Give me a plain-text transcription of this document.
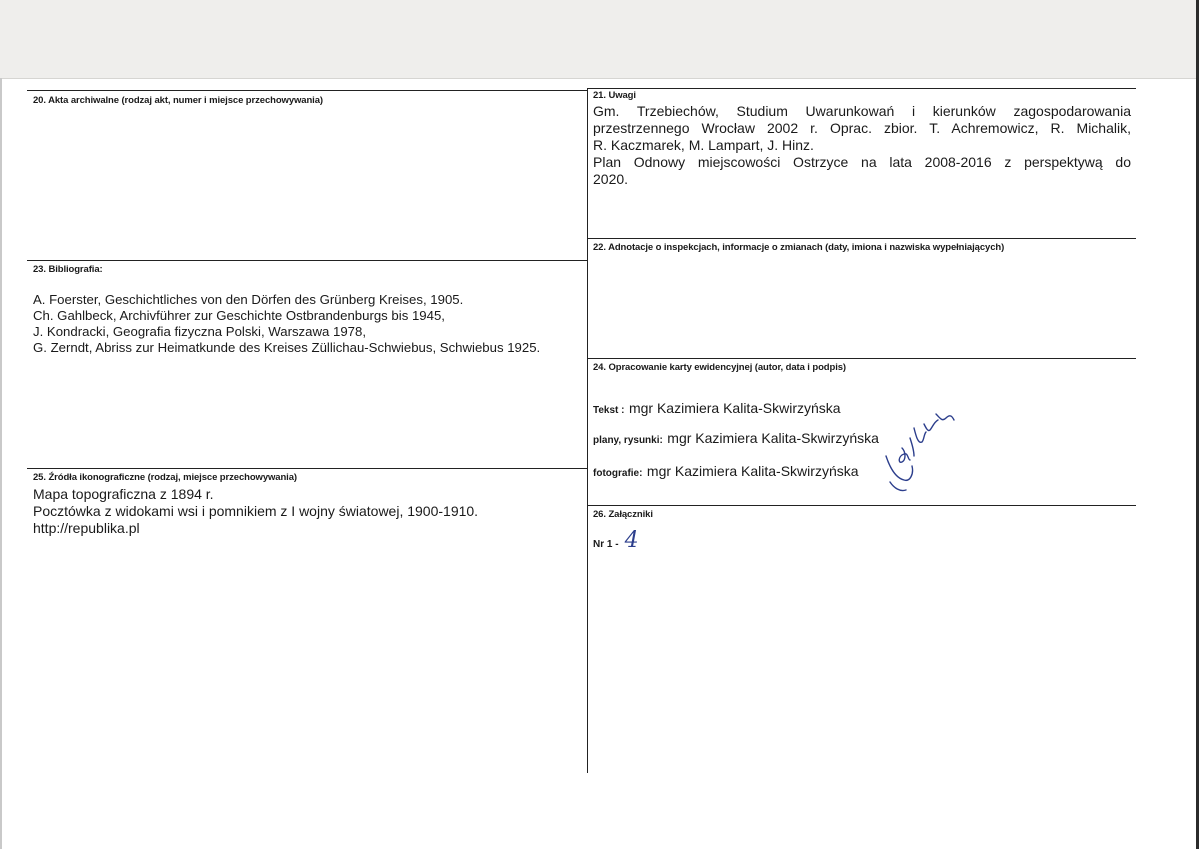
20. Akta archiwalne (rodzaj akt, numer i miejsce przechowywania)	21. Uwagi
Gm. Trzebiechów, Studium Uwarunkowań i kierunków zagospodarowania
przestrzennego Wrocław 2002 r. Oprac. zbior. T. Achremowicz, R. Michalik,
R. Kaczmarek, M. Lampart, J. Hinz.
Plan Odnowy miejscowości Ostrzyce na lata 2008-2016 z perspektywą do
2020.
22. Adnotacje o inspekcjach, informacje o zmianach (daty, imiona i nazwiska wypełniających)
23. Bibliografia:
A. Foerster, Geschichtliches von den Dörfen des Grünberg Kreises, 1905.
Ch. Gahlbeck, Archivführer zur Geschichte Ostbrandenburgs bis 1945,
J. Kondracki, Geografia fizyczna Polski, Warszawa 1978,
G. Zerndt, Abriss zur Heimatkunde des Kreises Züllichau-Schwiebus, Schwiebus 1925.
24. Opracowanie karty ewidencyjnej (autor, data i podpis)
Tekst : mgr Kazimiera Kalita-Skwirzyńska
plany, rysunki: mgr Kazimiera Kalita-Skwirzyńska
fotografie: mgr Kazimiera Kalita-Skwirzyńska
25. Źródła ikonograficzne (rodzaj, miejsce przechowywania)
Mapa topograficzna z 1894 r.
Pocztówka z widokami wsi i pomnikiem z I wojny światowej, 1900-1910.
http://republika.pl
26. Załączniki
Nr 1 - 4
